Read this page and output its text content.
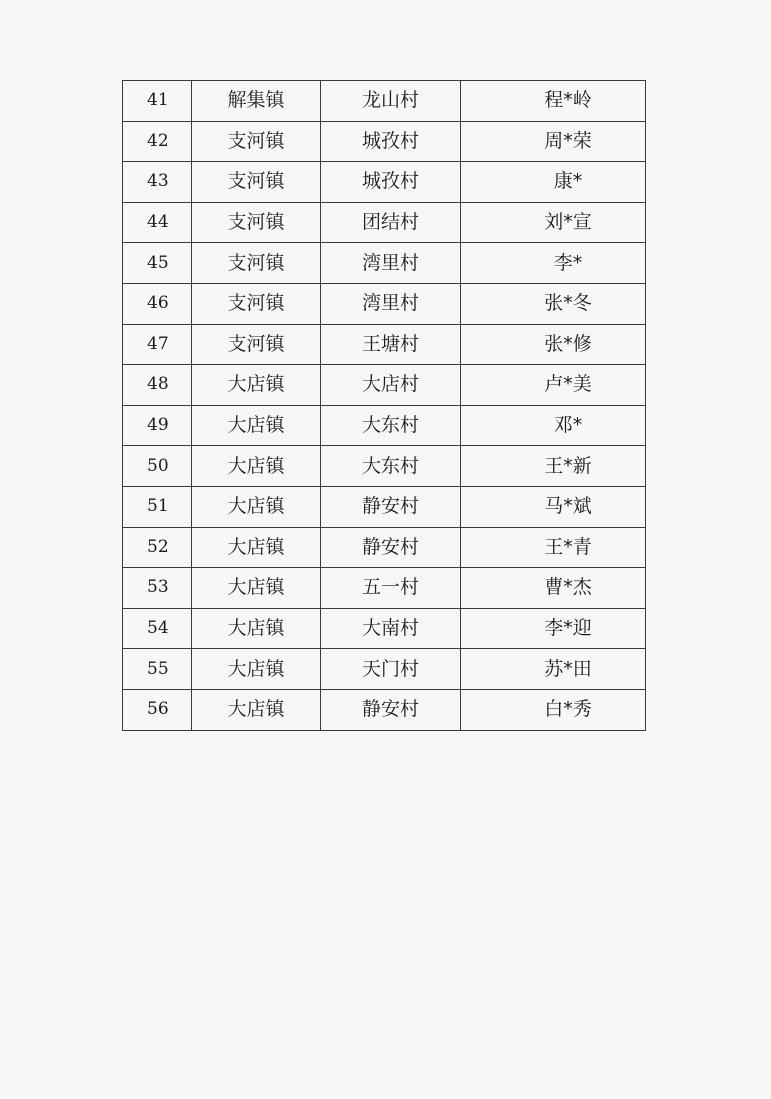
41	解集镇	龙山村	程*岭
42	支河镇	城孜村	周*荣
43	支河镇	城孜村	康*
44	支河镇	团结村	刘*宣
45	支河镇	湾里村	李*
46	支河镇	湾里村	张*冬
47	支河镇	王塘村	张*修
48	大店镇	大店村	卢*美
49	大店镇	大东村	邓*
50	大店镇	大东村	王*新
51	大店镇	静安村	马*斌
52	大店镇	静安村	王*青
53	大店镇	五一村	曹*杰
54	大店镇	大南村	李*迎
55	大店镇	天门村	苏*田
56	大店镇	静安村	白*秀
